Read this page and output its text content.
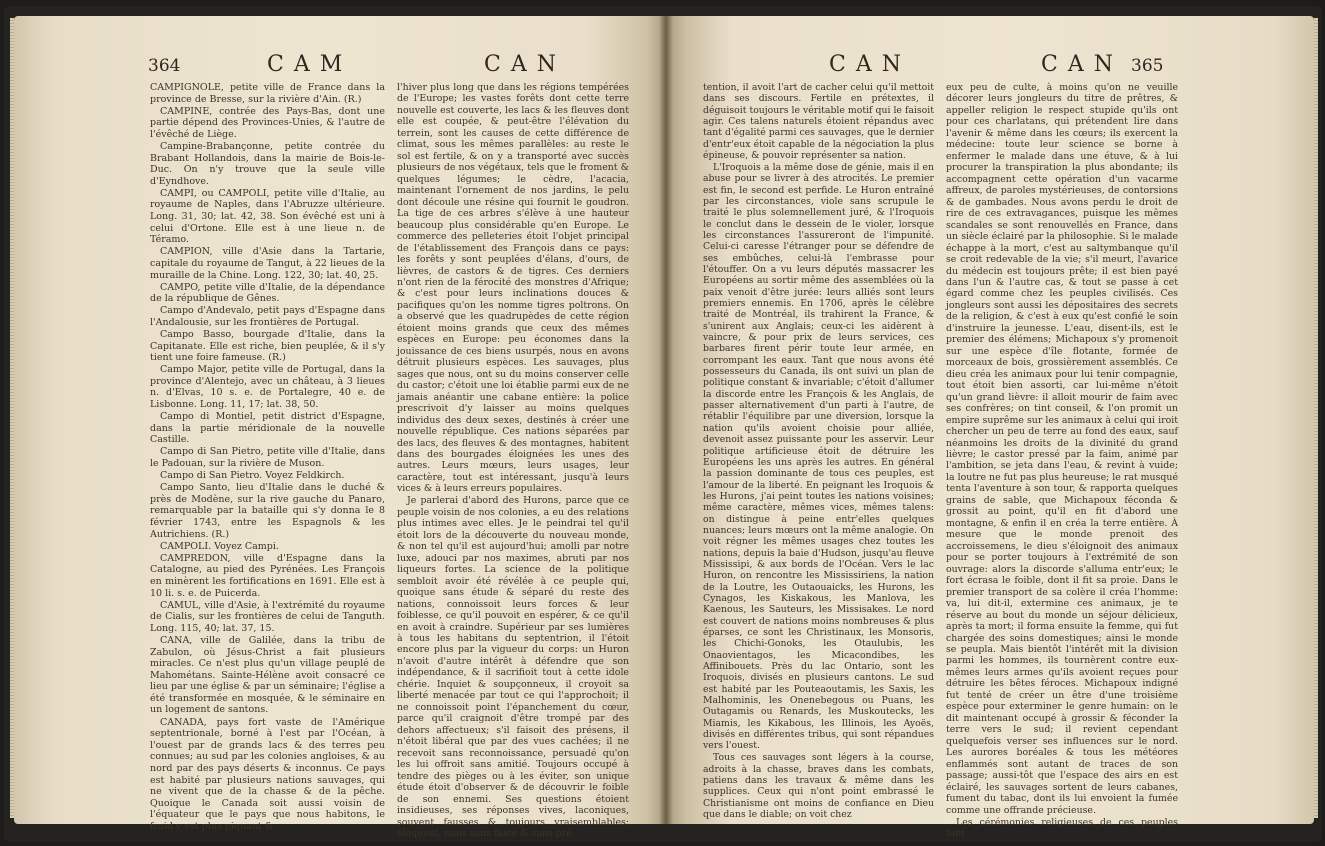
364	CAM	CAN	CAN	CAN 365

CAMPIGNOLE, petite ville de France dans la province de Bresse, sur la rivière d'Ain. (R.)

CAMPINE, contrée des Pays-Bas, dont une partie dépend des Provinces-Unies, & l'autre de l'évêché de Liège.

Campine-Brabançonne, petite contrée du Brabant Hollandois, dans la mairie de Bois-le-Duc. On n'y trouve que la seule ville d'Eyndhove.

CAMPI, ou CAMPOLI, petite ville d'Italie, au royaume de Naples, dans l'Abruzze ultérieure. Long. 31, 30; lat. 42, 38. Son évêché est uni à celui d'Ortone. Elle est à une lieue n. de Téramo.

CAMPION, ville d'Asie dans la Tartarie, capitale du royaume de Tangut, à 22 lieues de la muraille de la Chine. Long. 122, 30; lat. 40, 25.

CAMPO, petite ville d'Italie, de la dépendance de la république de Gênes.

Campo d'Andevalo, petit pays d'Espagne dans l'Andalousie, sur les frontières de Portugal.

Campo Basso, bourgade d'Italie, dans la Capitanate. Elle est riche, bien peuplée, & il s'y tient une foire fameuse. (R.)

Campo Major, petite ville de Portugal, dans la province d'Alentejo, avec un château, à 3 lieues n. d'Elvas, 10 s. e. de Portalegre, 40 e. de Lisbonne. Long. 11, 17; lat. 38, 50.

Campo di Montiel, petit district d'Espagne, dans la partie méridionale de la nouvelle Castille.

Campo di San Pietro, petite ville d'Italie, dans le Padouan, sur la rivière de Muson.

Campo di San Pietro. Voyez Feldkirch.

Campo Santo, lieu d'Italie dans le duché & près de Modène, sur la rive gauche du Panaro, remarquable par la bataille qui s'y donna le 8 février 1743, entre les Espagnols & les Autrichiens. (R.)

CAMPOLI. Voyez Campi.

CAMPREDON, ville d'Espagne dans la Catalogne, au pied des Pyrénées. Les François en minèrent les fortifications en 1691. Elle est à 10 li. s. e. de Puicerda.

CAMUL, ville d'Asie, à l'extrémité du royaume de Cialis, sur les frontières de celui de Tanguth. Long. 115, 40; lat. 37, 15.

CANA, ville de Galilée, dans la tribu de Zabulon, où Jésus-Christ a fait plusieurs miracles. Ce n'est plus qu'un village peuplé de Mahométans. Sainte-Hélène avoit consacré ce lieu par une église & par un séminaire; l'église a été transformée en mosquée, & le séminaire en un logement de santons.

CANADA, pays fort vaste de l'Amérique septentrionale, borné à l'est par l'Océan, à l'ouest par de grands lacs & des terres peu connues; au sud par les colonies angloises, & au nord par des pays déserts & inconnus. Ce pays est habité par plusieurs nations sauvages, qui ne vivent que de la chasse & de la pêche. Quoique le Canada soit aussi voisin de l'équateur que le pays que nous habitons, le froid y est plus piquant &

l'hiver plus long que dans les régions tempérées de l'Europe; les vastes forêts dont cette terre nouvelle est couverte, les lacs & les fleuves dont elle est coupée, & peut-être l'élévation du terrein, sont les causes de cette différence de climat, sous les mêmes parallèles: au reste le sol est fertile, & on y a transporté avec succès plusieurs de nos végétaux, tels que le froment & quelques légumes; le cèdre, l'acacia, maintenant l'ornement de nos jardins, le pelu dont découle une résine qui fournit le goudron. La tige de ces arbres s'élève à une hauteur beaucoup plus considérable qu'en Europe. Le commerce des pelleteries étoit l'objet principal de l'établissement des François dans ce pays: les forêts y sont peuplées d'élans, d'ours, de lièvres, de castors & de tigres. Ces derniers n'ont rien de la férocité des monstres d'Afrique; & c'est pour leurs inclinations douces & pacifiques qu'on les nomme tigres poltrons. On a observé que les quadrupèdes de cette région étoient moins grands que ceux des mêmes espèces en Europe: peu économes dans la jouissance de ces biens usurpés, nous en avons détruit plusieurs espèces. Les sauvages, plus sages que nous, ont su du moins conserver celle du castor; c'étoit une loi établie parmi eux de ne jamais anéantir une cabane entière: la police prescrivoit d'y laisser au moins quelques individus des deux sexes, destinés à créer une nouvelle république. Ces nations séparées par des lacs, des fleuves & des montagnes, habitent dans des bourgades éloignées les unes des autres. Leurs mœurs, leurs usages, leur caractère, tout est intéressant, jusqu'à leurs vices & à leurs erreurs populaires.

Je parlerai d'abord des Hurons, parce que ce peuple voisin de nos colonies, a eu des relations plus intimes avec elles. Je le peindrai tel qu'il étoit lors de la découverte du nouveau monde, & non tel qu'il est aujourd'hui; amolli par notre luxe, adouci par nos maximes, abruti par nos liqueurs fortes. La science de la politique sembloit avoir été révélée à ce peuple qui, quoique sans étude & séparé du reste des nations, connoissoit leurs forces & leur foiblesse, ce qu'il pouvoit en espérer, & ce qu'il en avoit à craindre. Supérieur par ses lumières à tous les habitans du septentrion, il l'étoit encore plus par la vigueur du corps: un Huron n'avoit d'autre intérêt à défendre que son indépendance, & il sacrifioit tout à cette idole chérie. Inquiet & soupçonneux, il croyoit sa liberté menacée par tout ce qui l'approchoit; il ne connoissoit point l'épanchement du cœur, parce qu'il craignoit d'être trompé par des dehors affectueux; s'il faisoit des présens, il n'étoit libéral que par des vues cachées; il ne recevoit sans reconnoissance, persuadé qu'on les lui offroit sans amitié. Toujours occupé à tendre des pièges ou à les éviter, son unique étude étoit d'observer & de découvrir le foible de son ennemi. Ses questions étoient insidieuses, ses réponses vives, laconiques, souvent fausses & toujours vraisemblables: éloquent, mais sans faste & sans pré-

tention, il avoit l'art de cacher celui qu'il mettoit dans ses discours. Fertile en prétextes, il déguisoit toujours le véritable motif qui le faisoit agir. Ces talens naturels étoient répandus avec tant d'égalité parmi ces sauvages, que le dernier d'entr'eux étoit capable de la négociation la plus épineuse, & pouvoir représenter sa nation.

L'Iroquois a la même dose de génie, mais il en abuse pour se livrer à des atrocités. Le premier est fin, le second est perfide. Le Huron entraîné par les circonstances, viole sans scrupule le traité le plus solemnellement juré, & l'Iroquois le conclut dans le dessein de le violer, lorsque les circonstances l'assureront de l'impunité. Celui-ci caresse l'étranger pour se défendre de ses embûches, celui-là l'embrasse pour l'étouffer. On a vu leurs députés massacrer les Européens au sortir même des assemblées où la paix venoit d'être jurée: leurs alliés sont leurs premiers ennemis. En 1706, après le célèbre traité de Montréal, ils trahirent la France, & s'unirent aux Anglais; ceux-ci les aidèrent à vaincre, & pour prix de leurs services, ces barbares firent périr toute leur armée, en corrompant les eaux. Tant que nous avons été possesseurs du Canada, ils ont suivi un plan de politique constant & invariable; c'étoit d'allumer la discorde entre les François & les Anglais, de passer alternativement d'un parti à l'autre, de rétablir l'équilibre par une diversion, lorsque la nation qu'ils avoient choisie pour alliée, devenoit assez puissante pour les asservir. Leur politique artificieuse étoit de détruire les Européens les uns après les autres. En général la passion dominante de tous ces peuples, est l'amour de la liberté. En peignant les Iroquois & les Hurons, j'ai peint toutes les nations voisines; même caractère, mêmes vices, mêmes talens: on distingue à peine entr'elles quelques nuances; leurs mœurs ont la même analogie. On voit régner les mêmes usages chez toutes les nations, depuis la baie d'Hudson, jusqu'au fleuve Mississipi, & aux bords de l'Océan. Vers le lac Huron, on rencontre les Mississiriens, la nation de la Loutre, les Outaouaicks, les Hurons, les Cynagos, les Kiskakous, les Manlova, les Kaenous, les Sauteurs, les Missisakes. Le nord est couvert de nations moins nombreuses & plus éparses, ce sont les Christinaux, les Monsoris, les Chichi-Gonoks, les Otaulubis, les Onaovientagos, les Micacondibes, les Affinibouets. Près du lac Ontario, sont les Iroquois, divisés en plusieurs cantons. Le sud est habité par les Pouteaoutamis, les Saxis, les Malhominis, les Onenebegous ou Puans, les Outagamis ou Renards, les Muskoutecks, les Miamis, les Kikabous, les Illinois, les Ayoës, divisés en différentes tribus, qui sont répandues vers l'ouest.

Tous ces sauvages sont légers à la course, adroits à la chasse, braves dans les combats, patiens dans les travaux & même dans les supplices. Ceux qui n'ont point embrassé le Christianisme ont moins de confiance en Dieu que dans le diable; on voit chez

eux peu de culte, à moins qu'on ne veuille décorer leurs jongleurs du titre de prêtres, & appeller religion le respect stupide qu'ils ont pour ces charlatans, qui prétendent lire dans l'avenir & même dans les cœurs; ils exercent la médecine: toute leur science se borne à enfermer le malade dans une étuve, & à lui procurer la transpiration la plus abondante; ils accompagnent cette opération d'un vacarme affreux, de paroles mystérieuses, de contorsions & de gambades. Nous avons perdu le droit de rire de ces extravagances, puisque les mêmes scandales se sont renouvellés en France, dans un siècle éclairé par la philosophie. Si le malade échappe à la mort, c'est au saltymbanque qu'il se croit redevable de la vie; s'il meurt, l'avarice du médecin est toujours prête; il est bien payé dans l'un & l'autre cas, & tout se passe à cet égard comme chez les peuples civilisés. Ces jongleurs sont aussi les dépositaires des secrets de la religion, & c'est à eux qu'est confié le soin d'instruire la jeunesse. L'eau, disent-ils, est le premier des élémens; Michapoux s'y promenoit sur une espèce d'île flotante, formée de morceaux de bois, grossièrement assemblés. Ce dieu créa les animaux pour lui tenir compagnie, tout étoit bien assorti, car lui-même n'étoit qu'un grand lièvre: il alloit mourir de faim avec ses confrères; on tint conseil, & l'on promit un empire suprême sur les animaux à celui qui iroit chercher un peu de terre au fond des eaux, sauf néanmoins les droits de la divinité du grand lièvre; le castor pressé par la faim, animé par l'ambition, se jeta dans l'eau, & revint à vuide; la loutre ne fut pas plus heureuse; le rat musqué tenta l'aventure à son tour, & rapporta quelques grains de sable, que Michapoux féconda & grossit au point, qu'il en fit d'abord une montagne, & enfin il en créa la terre entière. À mesure que le monde prenoit des accroissemens, le dieu s'éloignoit des animaux pour se porter toujours à l'extrémité de son ouvrage: alors la discorde s'alluma entr'eux; le fort écrasa le foible, dont il fit sa proie. Dans le premier transport de sa colère il créa l'homme: va, lui dit-il, extermine ces animaux, je te réserve au bout du monde un séjour délicieux, après ta mort; il forma ensuite la femme, qui fut chargée des soins domestiques; ainsi le monde se peupla. Mais bientôt l'intérêt mit la division parmi les hommes, ils tournèrent contre eux-mêmes leurs armes qu'ils avoient reçues pour détruire les bêtes féroces. Michapoux indigné fut tenté de créer un être d'une troisième espèce pour exterminer le genre humain: on le dit maintenant occupé à grossir & féconder la terre vers le sud; il revient cependant quelquefois verser ses influences sur le nord. Les aurores boréales & tous les météores enflammés sont autant de traces de son passage; aussi-tôt que l'espace des airs en est éclairé, les sauvages sortent de leurs cabanes, fument du tabac, dont ils lui envoient la fumée comme une offrande précieuse.

Les cérémonies religieuses de ces peuples font
